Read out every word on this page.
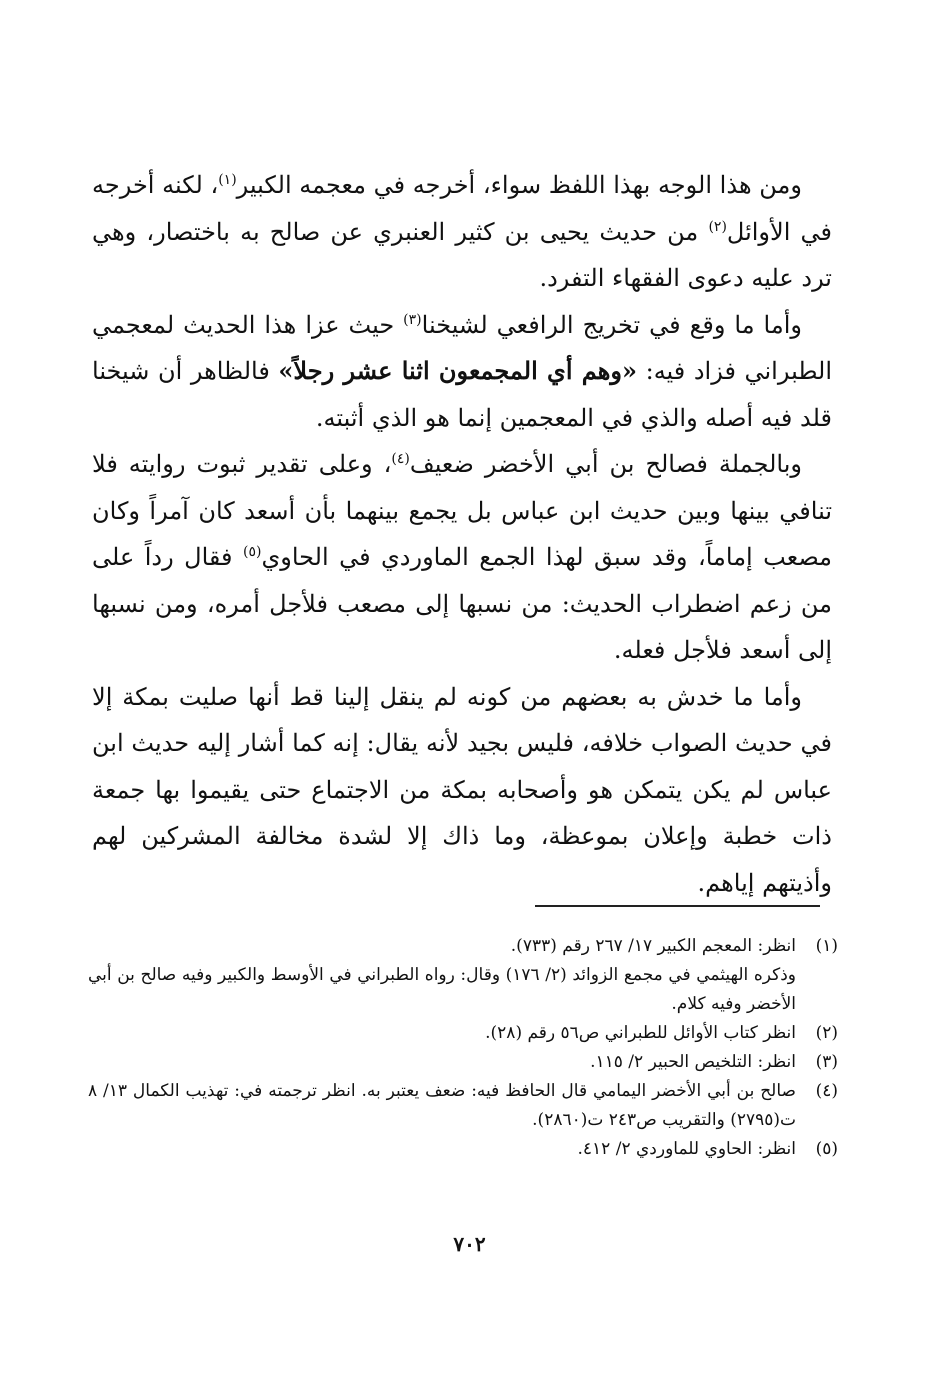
ومن هذا الوجه بهذا اللفظ سواء، أخرجه في معجمه الكبير$^{(١)}$، لكنه أخرجه في الأوائل$^{(٢)}$ من حديث يحيى بن كثير العنبري عن صالح به باختصار، وهي ترد عليه دعوى الفقهاء التفرد.

وأما ما وقع في تخريج الرافعي لشيخنا$^{(٣)}$ حيث عزا هذا الحديث لمعجمي الطبراني فزاد فيه: «وهم أي المجمعون اثنا عشر رجلاً» فالظاهر أن شيخنا قلد فيه أصله والذي في المعجمين إنما هو الذي أثبته.

وبالجملة فصالح بن أبي الأخضر ضعيف$^{(٤)}$، وعلى تقدير ثبوت روايته فلا تنافي بينها وبين حديث ابن عباس بل يجمع بينهما بأن أسعد كان آمراً وكان مصعب إماماً، وقد سبق لهذا الجمع الماوردي في الحاوي$^{(٥)}$ فقال رداً على من زعم اضطراب الحديث: من نسبها إلى مصعب فلأجل أمره، ومن نسبها إلى أسعد فلأجل فعله.

وأما ما خدش به بعضهم من كونه لم ينقل إلينا قط أنها صليت بمكة إلا في حديث الصواب خلافه، فليس بجيد لأنه يقال: إنه كما أشار إليه حديث ابن عباس لم يكن يتمكن هو وأصحابه بمكة من الاجتماع حتى يقيموا بها جمعة ذات خطبة وإعلان بموعظة، وما ذاك إلا لشدة مخالفة المشركين لهم وأذيتهم إياهم.

(١)
انظر: المعجم الكبير ١٧/ ٢٦٧ رقم (٧٣٣).
وذكره الهيثمي في مجمع الزوائد (٢/ ١٧٦) وقال: رواه الطبراني في الأوسط والكبير وفيه صالح بن أبي الأخضر وفيه كلام.
(٢)
انظر كتاب الأوائل للطبراني ص٥٦ رقم (٢٨).
(٣)
انظر: التلخيص الحبير ٢/ ١١٥.
(٤)
صالح بن أبي الأخضر اليمامي قال الحافظ فيه: ضعف يعتبر به. انظر ترجمته في: تهذيب الكمال ١٣/ ٨ ت(٢٧٩٥) والتقريب ص٢٤٣ ت(٢٨٦٠).
(٥)
انظر: الحاوي للماوردي ٢/ ٤١٢.
٧٠٢
